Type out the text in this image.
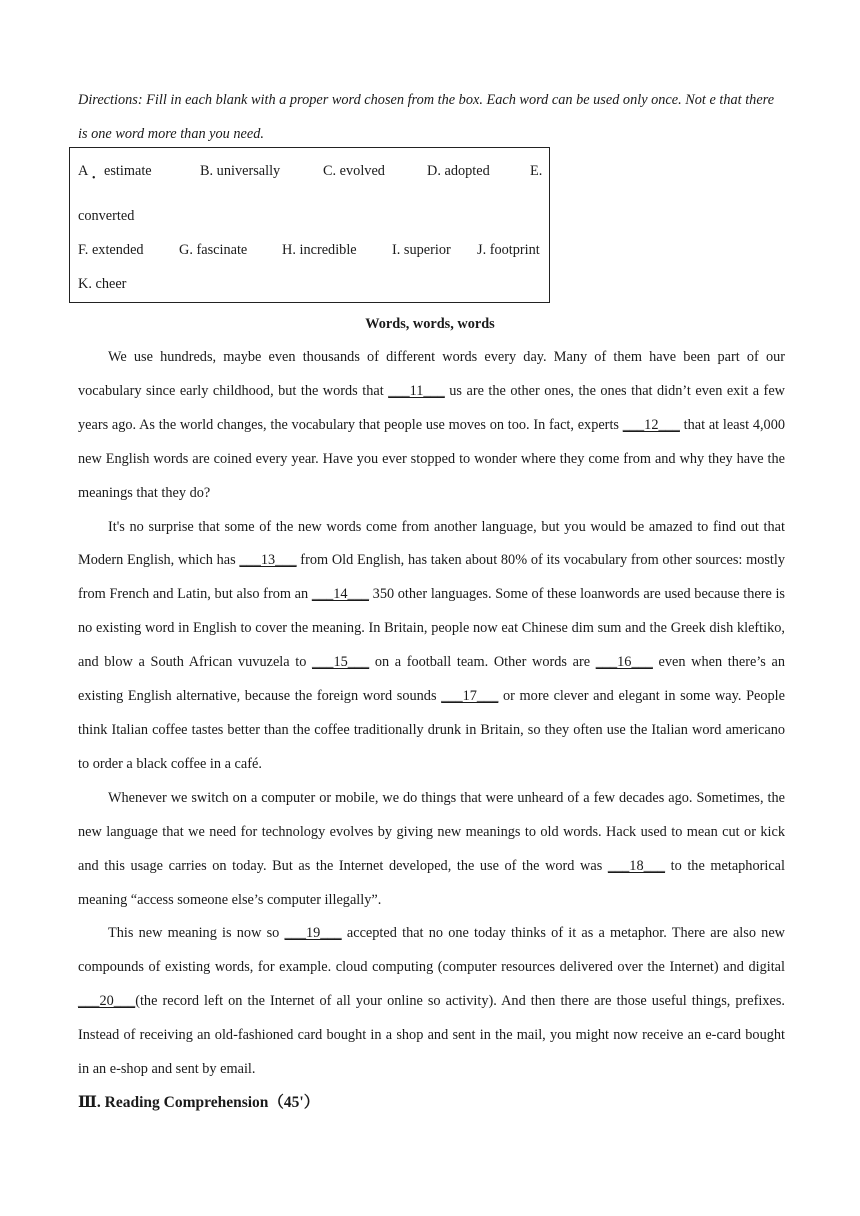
Directions: Fill in each blank with a proper word chosen from the box. Each word can be used only once. Not e that there is one word more than you need.
A • estimate	B. universally	C. evolved	D. adopted	E.
converted
F. extended G. fascinate H. incredible I. superior J. footprint
K. cheer
Words, words, words

We use hundreds, maybe even thousands of different words every day. Many of them have been part of our vocabulary since early childhood, but the words that ___11___ us are the other ones, the ones that didn’t even exit a few years ago. As the world changes, the vocabulary that people use moves on too. In fact, experts ___12___ that at least 4,000 new English words are coined every year. Have you ever stopped to wonder where they come from and why they have the meanings that they do?

It's no surprise that some of the new words come from another language, but you would be amazed to find out that Modern English, which has ___13___ from Old English, has taken about 80% of its vocabulary from other sources: mostly from French and Latin, but also from an ___14___ 350 other languages. Some of these loanwords are used because there is no existing word in English to cover the meaning. In Britain, people now eat Chinese dim sum and the Greek dish kleftiko, and blow a South African vuvuzela to ___15___ on a football team. Other words are ___16___ even when there’s an existing English alternative, because the foreign word sounds ___17___ or more clever and elegant in some way. People think Italian coffee tastes better than the coffee traditionally drunk in Britain, so they often use the Italian word americano to order a black coffee in a café.

Whenever we switch on a computer or mobile, we do things that were unheard of a few decades ago. Sometimes, the new language that we need for technology evolves by giving new meanings to old words. Hack used to mean cut or kick and this usage carries on today. But as the Internet developed, the use of the word was ___18___ to the metaphorical meaning “access someone else’s computer illegally”.

This new meaning is now so ___19___ accepted that no one today thinks of it as a metaphor. There are also new compounds of existing words, for example. cloud computing (computer resources delivered over the Internet) and digital ___20___(the record left on the Internet of all your online so activity). And then there are those useful things, prefixes. Instead of receiving an old-fashioned card bought in a shop and sent in the mail, you might now receive an e-card bought in an e-shop and sent by email.

Ⅲ. Reading Comprehension（45'）
